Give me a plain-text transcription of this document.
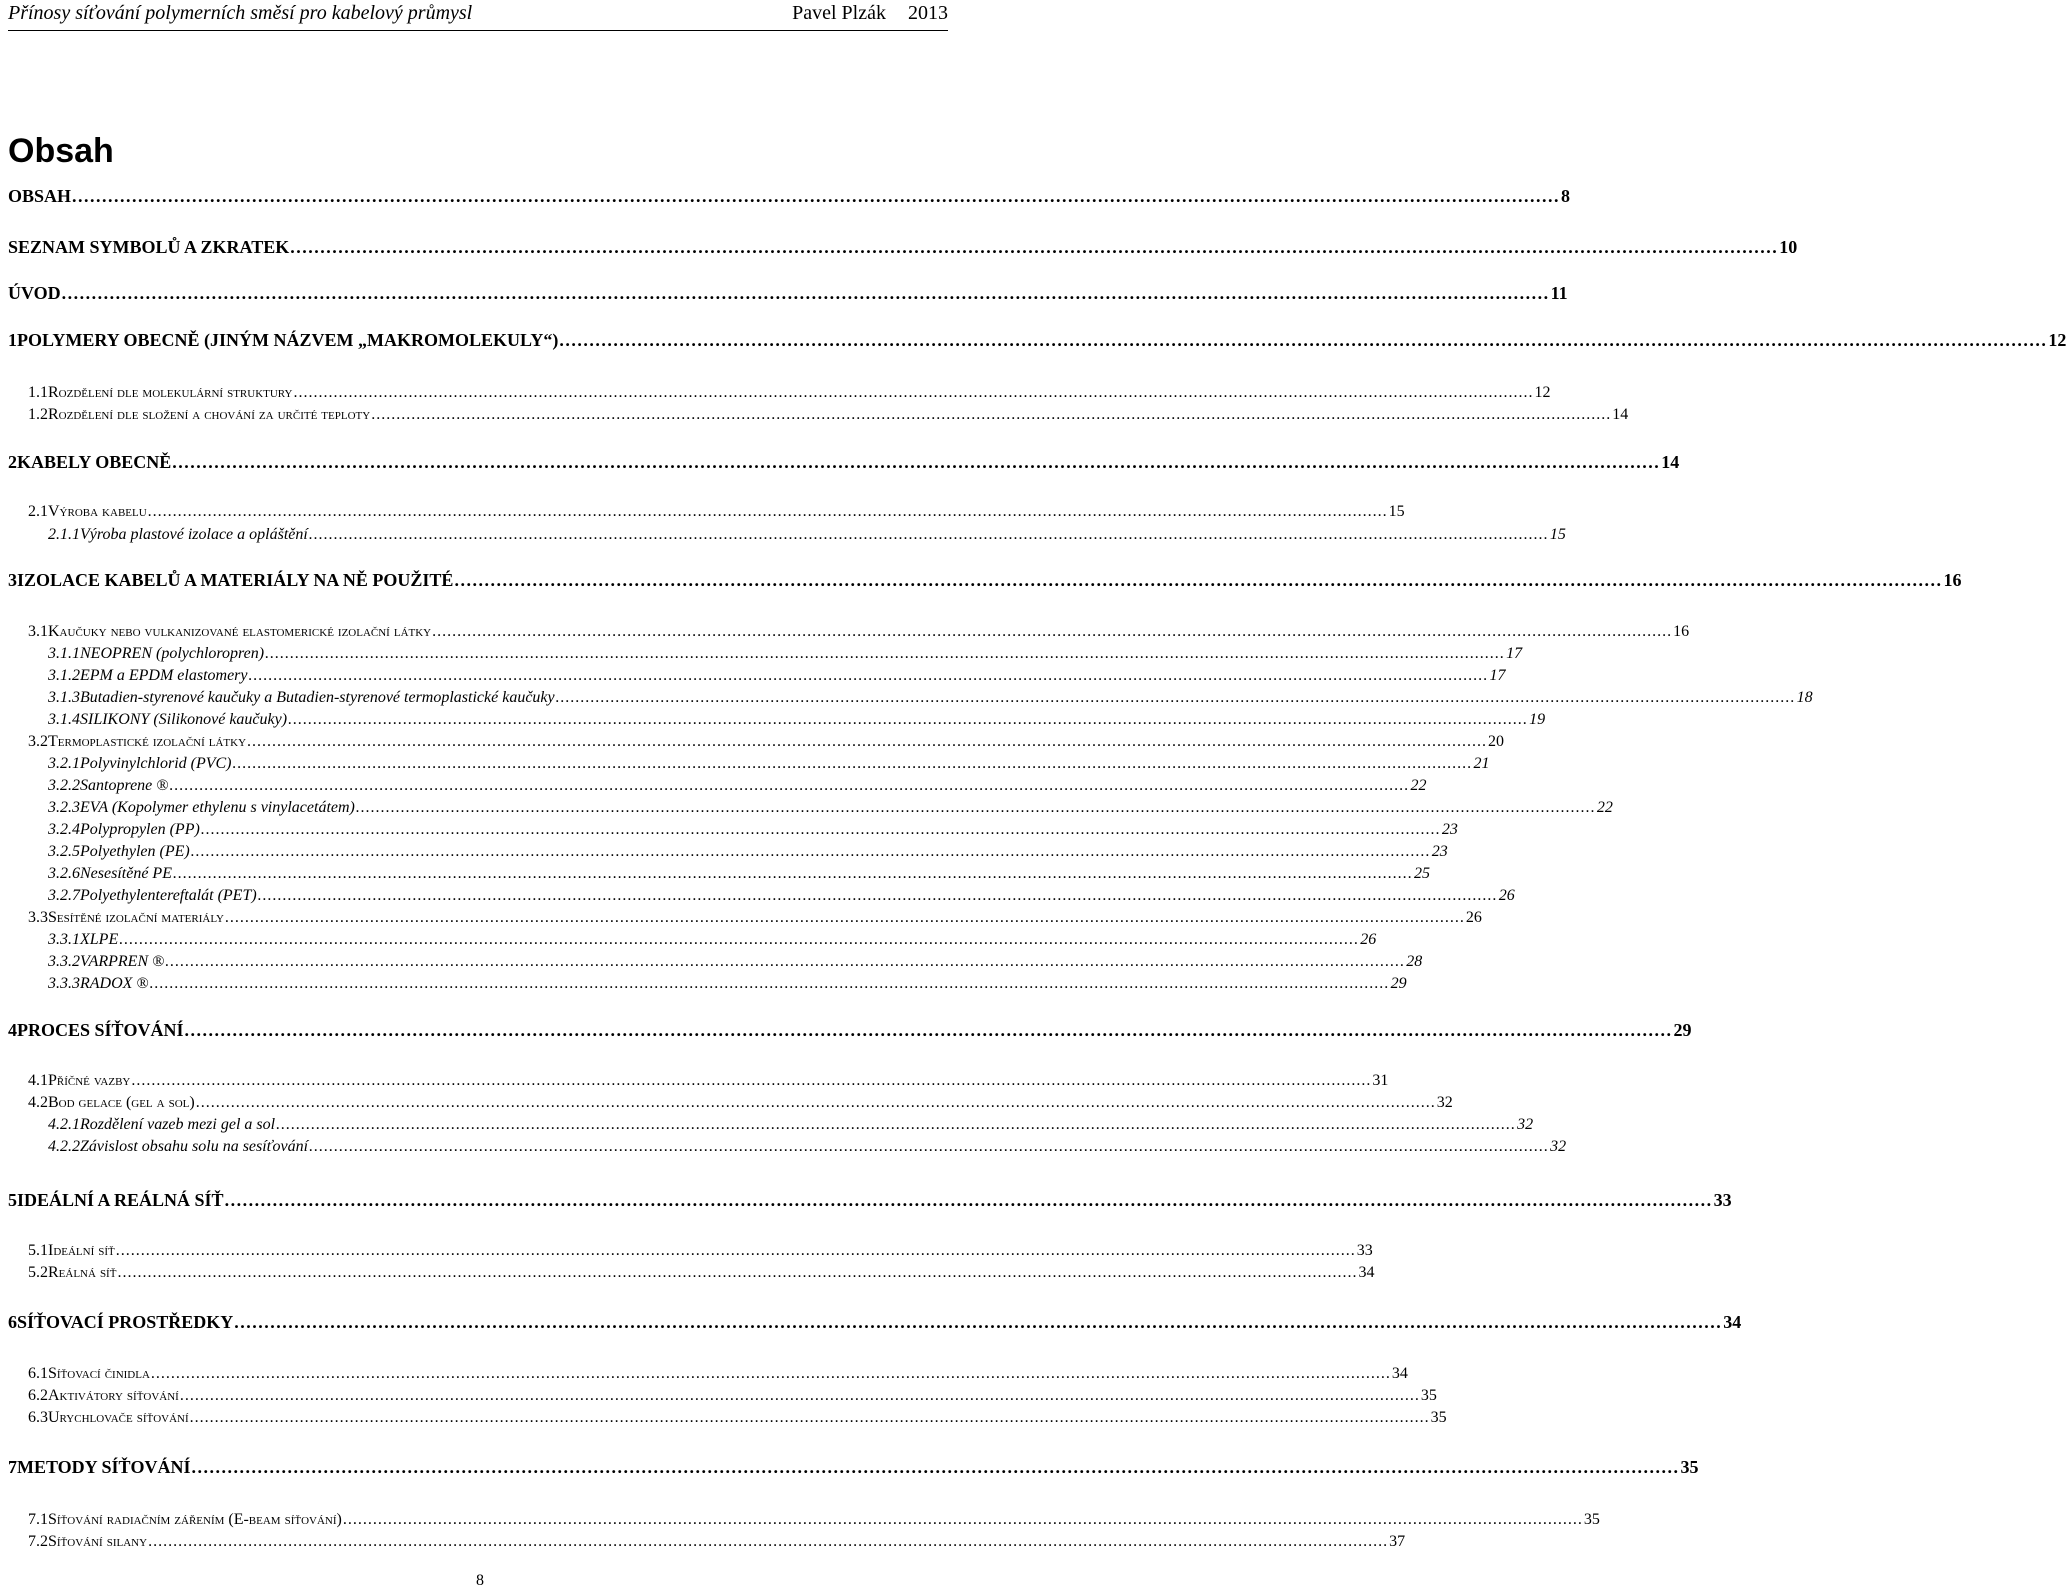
Přínosy síťování polymerních směsí pro kabelový průmysl	Pavel Plzák 2013
Obsah
OBSAH .....	8
SEZNAM SYMBOLŮ A ZKRATEK .....	10
ÚVOD .....	11
1 POLYMERY OBECNĚ (JINÝM NÁZVEM „MAKROMOLEKULY“) .....	12
1.1 Rozdělení dle molekulární struktury .....	12
1.2 Rozdělení dle složení a chování za určité teploty .....	14
2 KABELY OBECNĚ .....	14
2.1 Výroba kabelu .....	15
2.1.1 Výroba plastové izolace a opláštění .....	15
3 IZOLACE KABELŮ A MATERIÁLY NA NĚ POUŽITÉ .....	16
3.1 Kaučuky nebo vulkanizované elastomerické izolační látky .....	16
3.1.1 NEOPREN (polychloropren) .....	17
3.1.2 EPM a EPDM elastomery .....	17
3.1.3 Butadien-styrenové kaučuky a Butadien-styrenové termoplastické kaučuky .....	18
3.1.4 SILIKONY (Silikonové kaučuky) .....	19
3.2 Termoplastické izolační látky .....	20
3.2.1 Polyvinylchlorid (PVC) .....	21
3.2.2 Santoprene ® .....	22
3.2.3 EVA (Kopolymer ethylenu s vinylacetátem) .....	22
3.2.4 Polypropylen (PP) .....	23
3.2.5 Polyethylen (PE) .....	23
3.2.6 Nesesítěné PE .....	25
3.2.7 Polyethylentereftalát (PET) .....	26
3.3 Sesítěné izolační materiály .....	26
3.3.1 XLPE .....	26
3.3.2 VARPREN ® .....	28
3.3.3 RADOX ® .....	29
4 PROCES SÍŤOVÁNÍ .....	29
4.1 Příčné vazby .....	31
4.2 Bod gelace (gel a sol) .....	32
4.2.1 Rozdělení vazeb mezi gel a sol .....	32
4.2.2 Závislost obsahu solu na sesíťování .....	32
5 IDEÁLNÍ A REÁLNÁ SÍŤ .....	33
5.1 Ideální síť .....	33
5.2 Reálná síť .....	34
6 SÍŤOVACÍ PROSTŘEDKY .....	34
6.1 Síťovací činidla .....	34
6.2 Aktivátory síťování .....	35
6.3 Urychlovače síťování .....	35
7 METODY SÍŤOVÁNÍ .....	35
7.1 Síťování radiačním zářením (E-beam síťování) .....	35
7.2 Síťování silany .....	37
8
